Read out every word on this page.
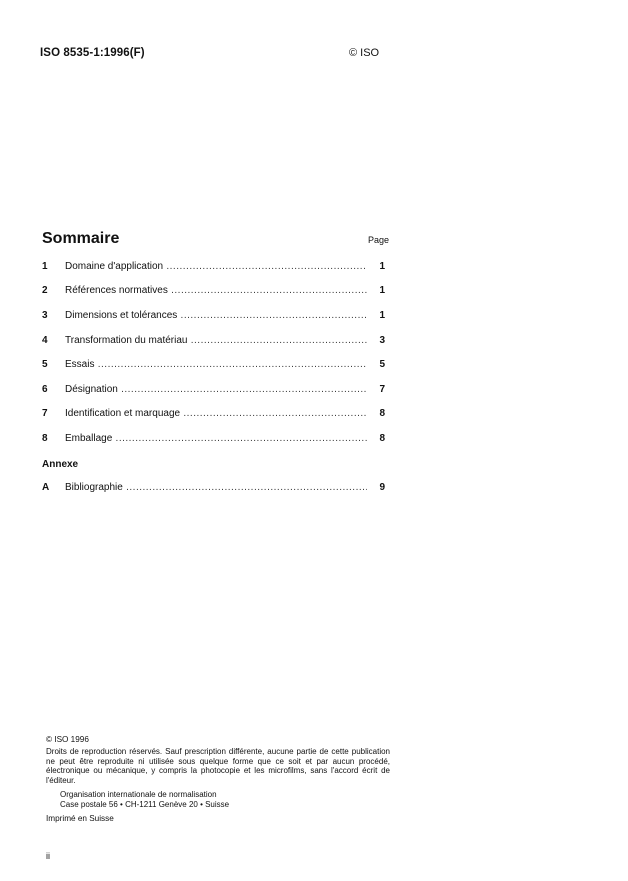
ISO 8535-1:1996(F)	© ISO
Sommaire	Page
1	Domaine d'application .....	1
2	Références normatives .....	1
3	Dimensions et tolérances .....	1
4	Transformation du matériau .....	3
5	Essais .....	5
6	Désignation .....	7
7	Identification et marquage .....	8
8	Emballage .....	8
Annexe
A	Bibliographie .....	9
© ISO 1996
Droits de reproduction réservés. Sauf prescription différente, aucune partie de cette publication ne peut être reproduite ni utilisée sous quelque forme que ce soit et par aucun procédé, électronique ou mécanique, y compris la photocopie et les microfilms, sans l'accord écrit de l'éditeur.
Organisation internationale de normalisation
Case postale 56 • CH-1211 Genève 20 • Suisse
Imprimé en Suisse
ii
